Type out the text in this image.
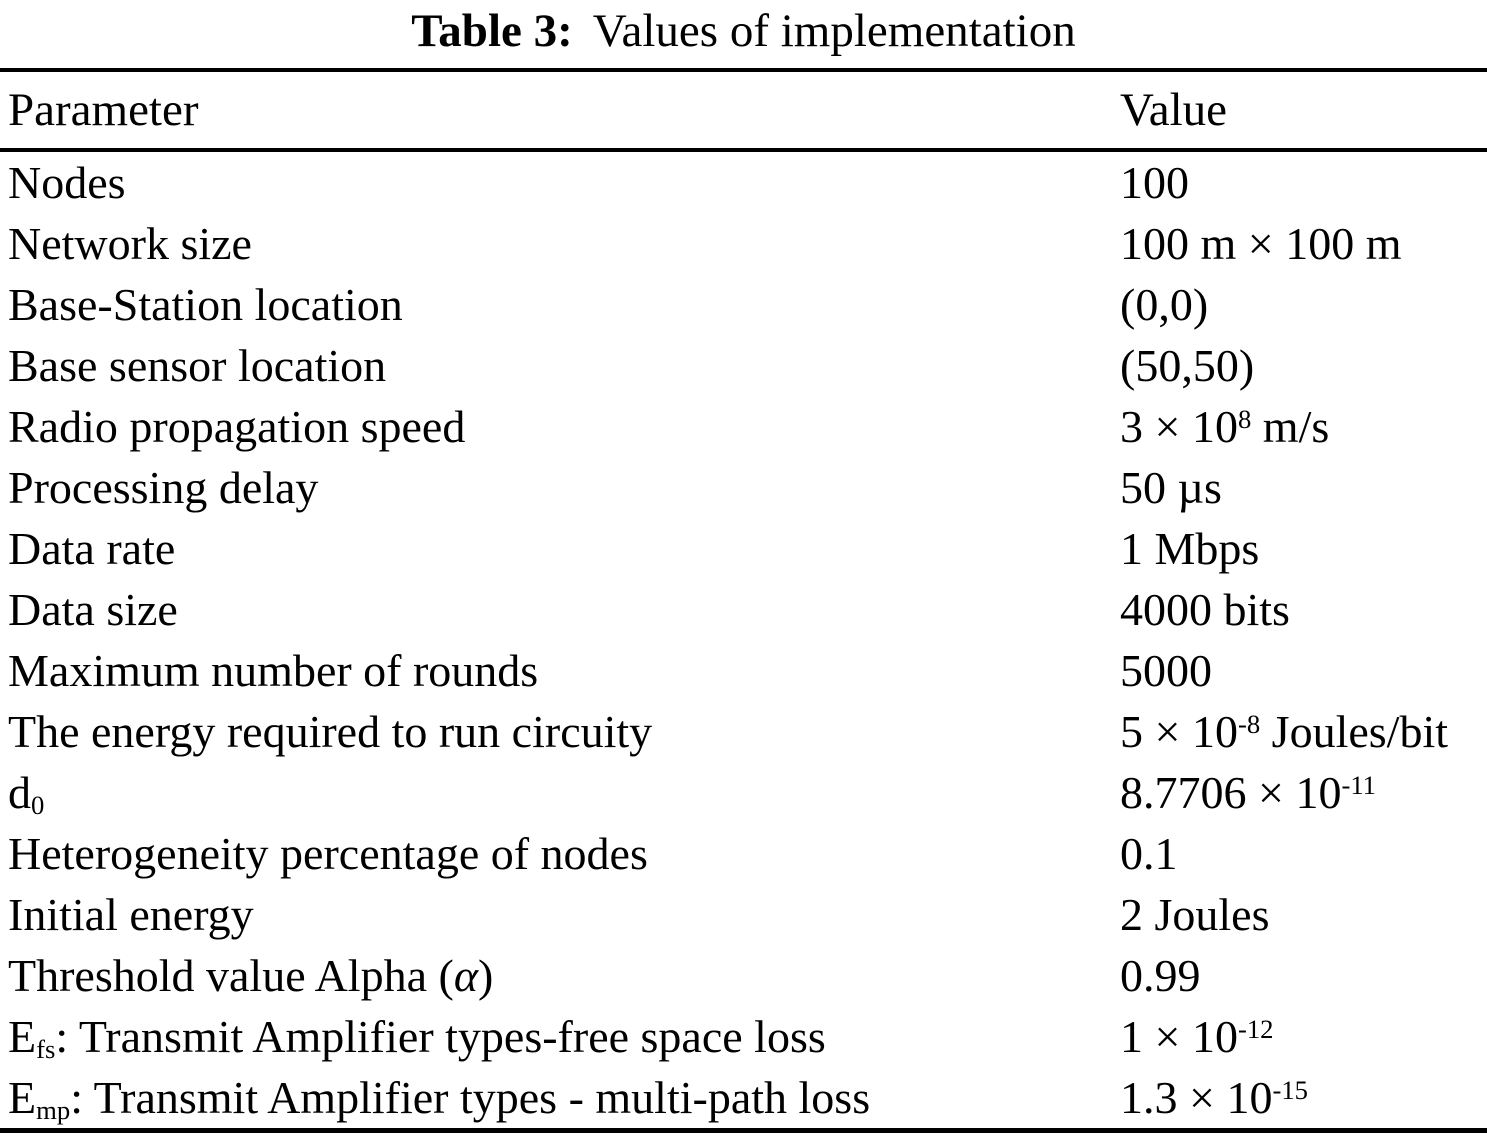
Table 3: Values of implementation
Parameter	Value
Nodes	100
Network size	100 m × 100 m
Base-Station location	(0,0)
Base sensor location	(50,50)
Radio propagation speed	$3 \times 10^8$ m/s
Processing delay	50 µs
Data rate	1 Mbps
Data size	4000 bits
Maximum number of rounds	5000
The energy required to run circuity	$5 \times 10^{-8}$ Joules/bit
d0	$8.7706 \times 10^{-11}$
Heterogeneity percentage of nodes	0.1
Initial energy	2 Joules
Threshold value Alpha (α)	0.99
Efs: Transmit Amplifier types-free space loss	$1 \times 10^{-12}$
Emp: Transmit Amplifier types - multi-path loss	$1.3 \times 10^{-15}$
